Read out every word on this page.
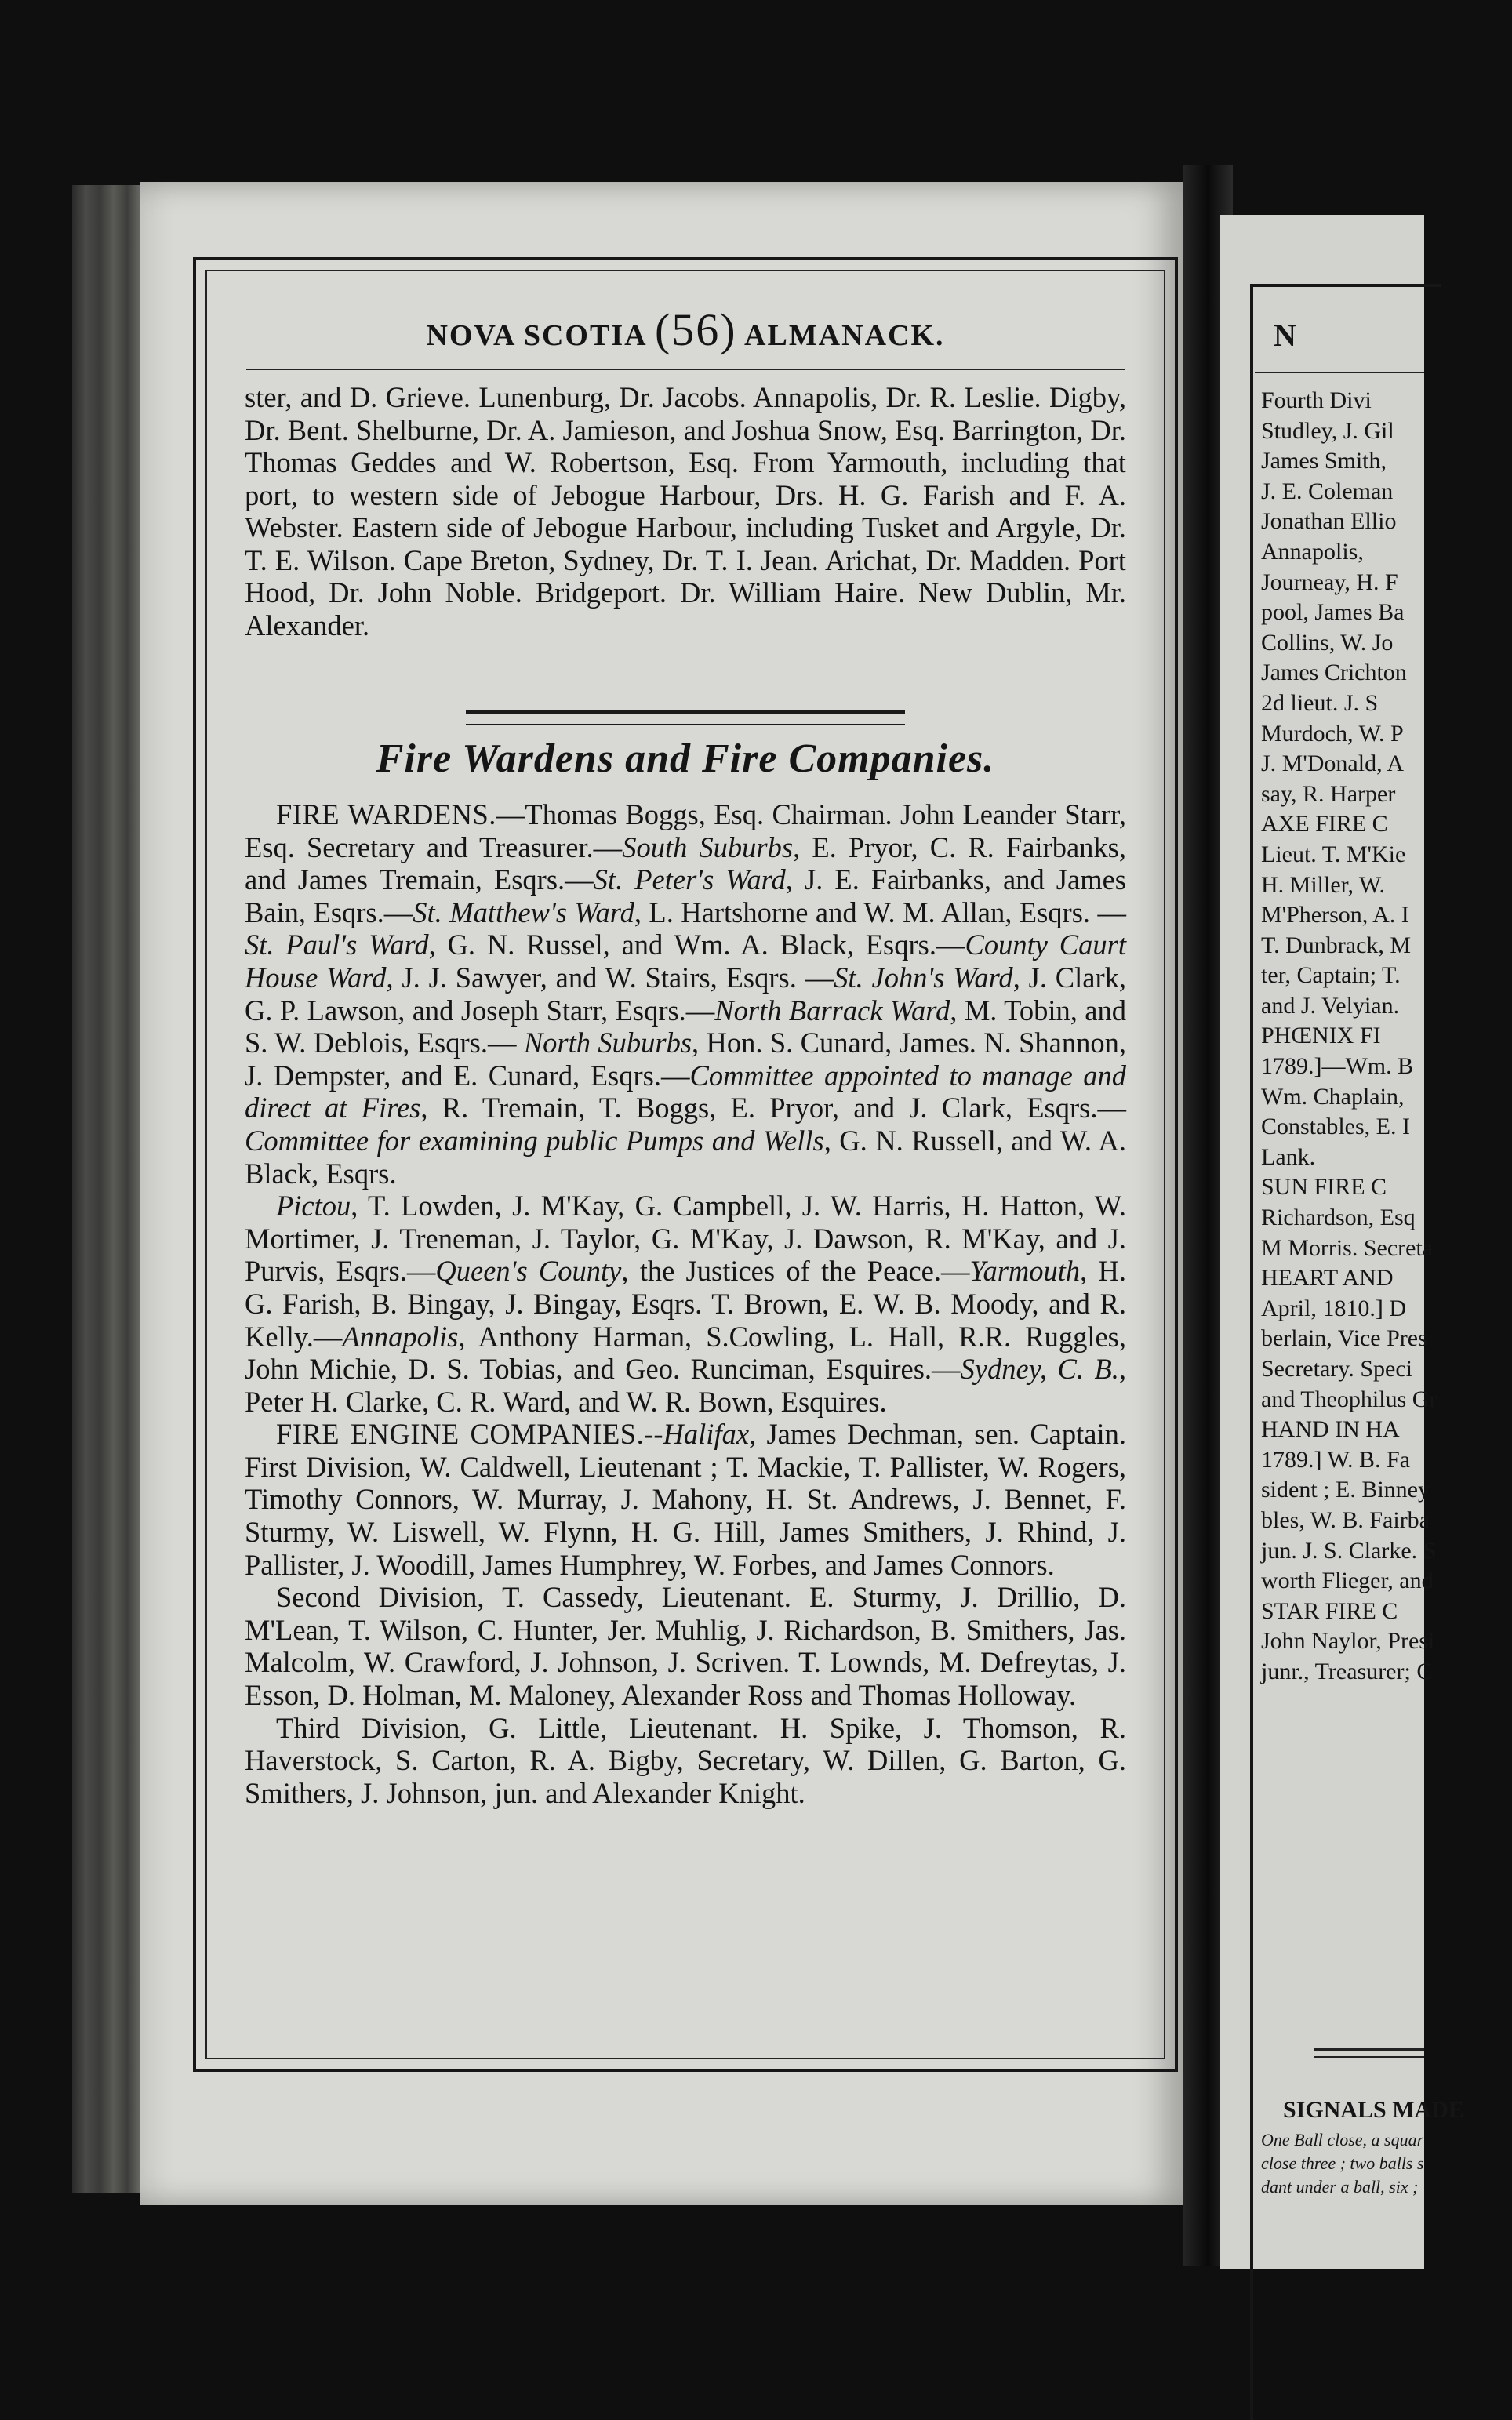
NOVA SCOTIA (56) ALMANACK.

ster, and D. Grieve. Lunenburg, Dr. Jacobs. Annapolis, Dr. R. Leslie. Digby, Dr. Bent. Shelburne, Dr. A. Jamieson, and Joshua Snow, Esq. Barrington, Dr. Thomas Geddes and W. Robertson, Esq. From Yarmouth, including that port, to western side of Jebogue Harbour, Drs. H. G. Farish and F. A. Webster. Eastern side of Jebogue Harbour, including Tusket and Argyle, Dr. T. E. Wilson. Cape Breton, Sydney, Dr. T. I. Jean. Arichat, Dr. Madden. Port Hood, Dr. John Noble. Bridgeport. Dr. William Haire. New Dublin, Mr. Alexander.

Fire Wardens and Fire Companies.

FIRE WARDENS.—Thomas Boggs, Esq. Chairman. John Leander Starr, Esq. Secretary and Treasurer.—South Suburbs, E. Pryor, C. R. Fairbanks, and James Tremain, Esqrs.—St. Peter's Ward, J. E. Fairbanks, and James Bain, Esqrs.—St. Matthew's Ward, L. Hartshorne and W. M. Allan, Esqrs. —St. Paul's Ward, G. N. Russel, and Wm. A. Black, Esqrs.—County Caurt House Ward, J. J. Sawyer, and W. Stairs, Esqrs. —St. John's Ward, J. Clark, G. P. Lawson, and Joseph Starr, Esqrs.—North Barrack Ward, M. Tobin, and S. W. Deblois, Esqrs.— North Suburbs, Hon. S. Cunard, James. N. Shannon, J. Dempster, and E. Cunard, Esqrs.—Committee appointed to manage and direct at Fires, R. Tremain, T. Boggs, E. Pryor, and J. Clark, Esqrs.—Committee for examining public Pumps and Wells, G. N. Russell, and W. A. Black, Esqrs.

Pictou, T. Lowden, J. M'Kay, G. Campbell, J. W. Harris, H. Hatton, W. Mortimer, J. Treneman, J. Taylor, G. M'Kay, J. Dawson, R. M'Kay, and J. Purvis, Esqrs.—Queen's County, the Justices of the Peace.—Yarmouth, H. G. Farish, B. Bingay, J. Bingay, Esqrs. T. Brown, E. W. B. Moody, and R. Kelly.—Annapolis, Anthony Harman, S.Cowling, L. Hall, R.R. Ruggles, John Michie, D. S. Tobias, and Geo. Runciman, Esquires.—Sydney, C. B., Peter H. Clarke, C. R. Ward, and W. R. Bown, Esquires.

FIRE ENGINE COMPANIES.--Halifax, James Dechman, sen. Captain. First Division, W. Caldwell, Lieutenant ; T. Mackie, T. Pallister, W. Rogers, Timothy Connors, W. Murray, J. Mahony, H. St. Andrews, J. Bennet, F. Sturmy, W. Liswell, W. Flynn, H. G. Hill, James Smithers, J. Rhind, J. Pallister, J. Woodill, James Humphrey, W. Forbes, and James Connors.

Second Division, T. Cassedy, Lieutenant. E. Sturmy, J. Drillio, D. M'Lean, T. Wilson, C. Hunter, Jer. Muhlig, J. Richardson, B. Smithers, Jas. Malcolm, W. Crawford, J. Johnson, J. Scriven. T. Lownds, M. Defreytas, J. Esson, D. Holman, M. Maloney, Alexander Ross and Thomas Holloway.

Third Division, G. Little, Lieutenant. H. Spike, J. Thomson, R. Haverstock, S. Carton, R. A. Bigby, Secretary, W. Dillen, G. Barton, G. Smithers, J. Johnson, jun. and Alexander Knight.

N
Fourth Divi
Studley, J. Gil
James Smith,
J. E. Coleman
Jonathan Ellio
Annapolis,
Journeay, H. F
pool, James Ba
Collins, W. Jo
James Crichton
2d lieut. J. S
Murdoch, W. P
J. M'Donald, A
say, R. Harper
AXE FIRE C
Lieut. T. M'Kie
H. Miller, W.
M'Pherson, A. I
T. Dunbrack, M
ter, Captain; T.
and J. Velyian.
PHŒNIX FI
1789.]—Wm. B
Wm. Chaplain,
Constables, E. I
Lank.
SUN FIRE C
Richardson, Esq
M Morris. Secreta
HEART AND
April, 1810.] D
berlain, Vice Pres
Secretary. Speci
and Theophilus Gr
HAND IN HA
1789.] W. B. Fa
sident ; E. Binney
bles, W. B. Fairba
jun. J. S. Clarke. S
worth Flieger, and
STAR FIRE C
John Naylor, Presi
junr., Treasurer; C
SIGNALS MADE
One Ball close, a squar
close three ; two balls s
dant under a ball, six ;
